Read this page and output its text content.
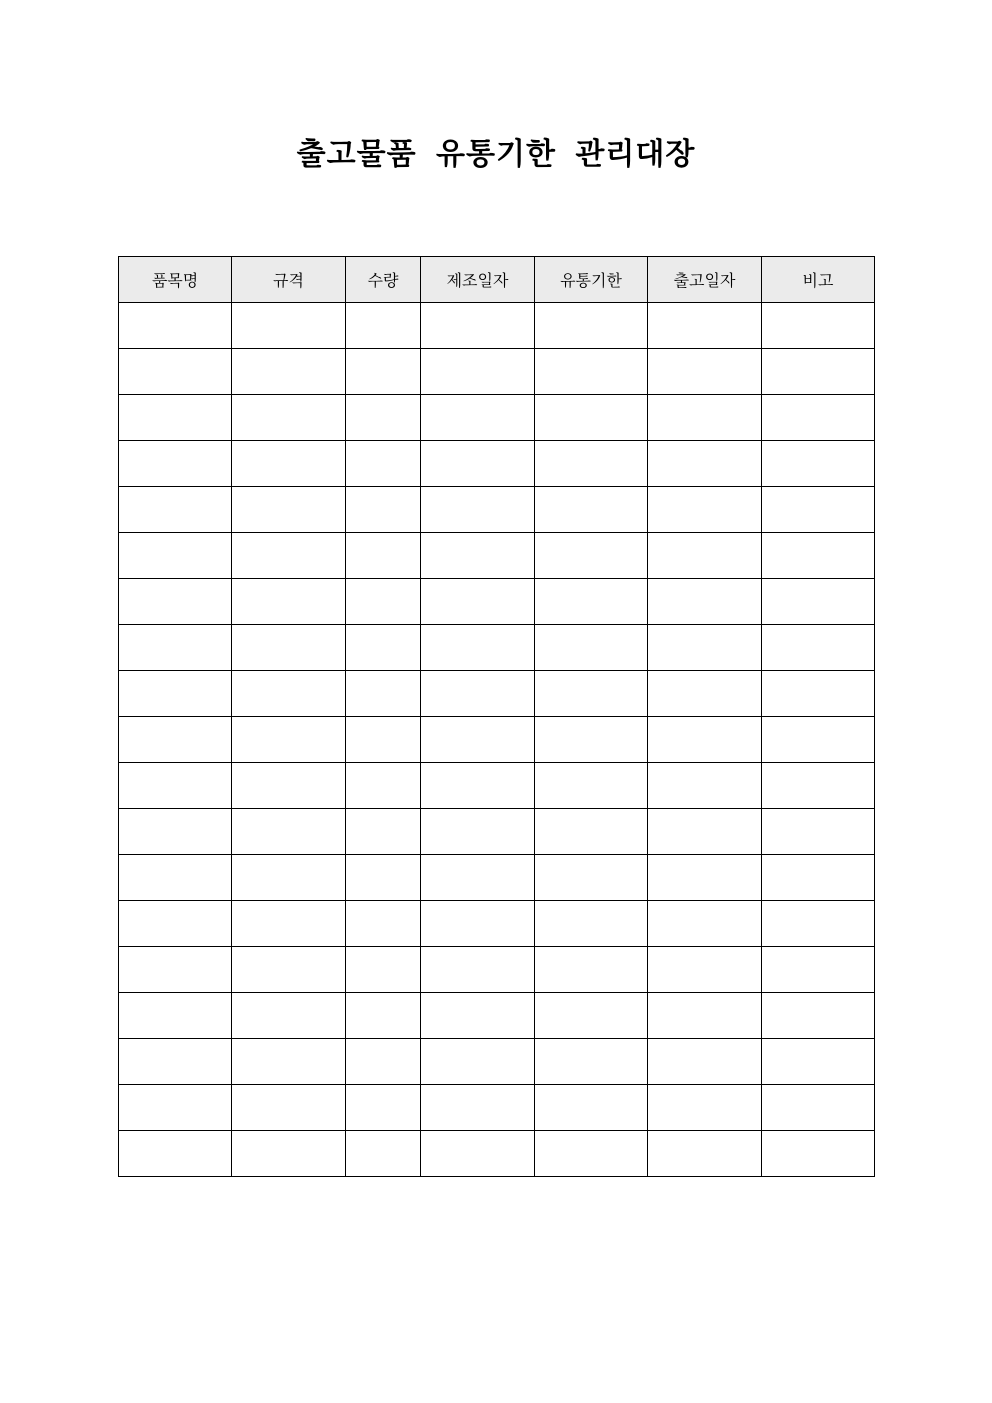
출고물품 유통기한 관리대장
품목명	규격	수량	제조일자	유통기한	출고일자	비고
